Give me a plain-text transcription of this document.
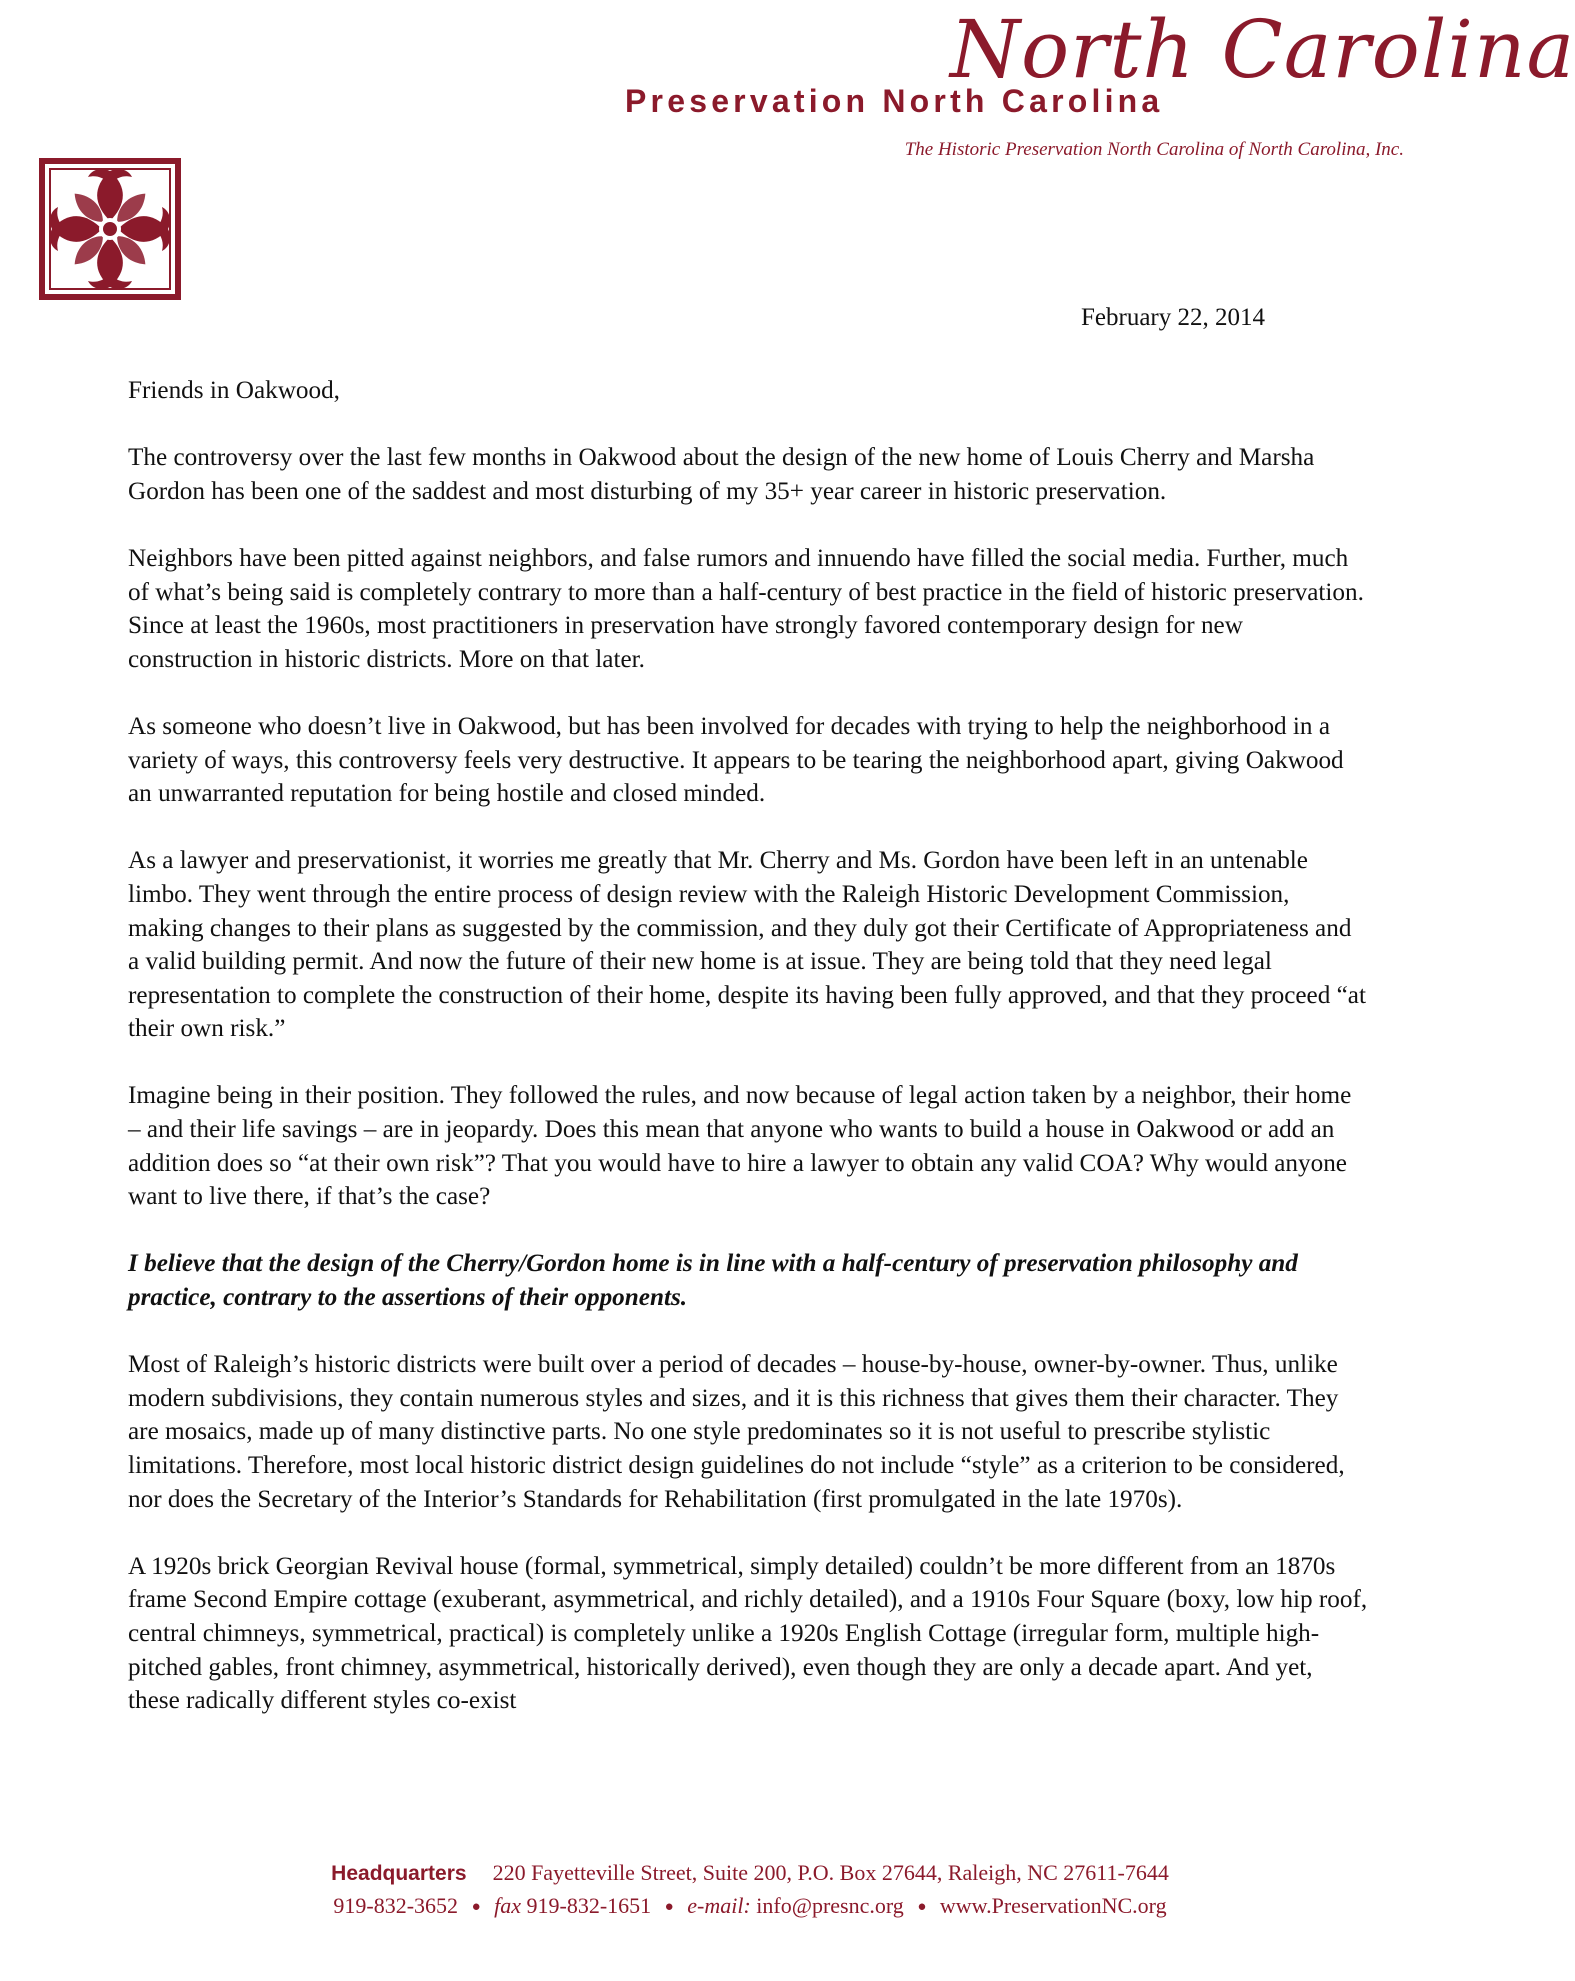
North Carolina
Preservation North Carolina
The Historic Preservation North Carolina of North Carolina, Inc.
February 22, 2014

Friends in Oakwood,

The controversy over the last few months in Oakwood about the design of the new home of Louis Cherry and Marsha Gordon has been one of the saddest and most disturbing of my 35+ year career in historic preservation.

Neighbors have been pitted against neighbors, and false rumors and innuendo have filled the social media. Further, much of what’s being said is completely contrary to more than a half-century of best practice in the field of historic preservation. Since at least the 1960s, most practitioners in preservation have strongly favored contemporary design for new construction in historic districts. More on that later.

As someone who doesn’t live in Oakwood, but has been involved for decades with trying to help the neighborhood in a variety of ways, this controversy feels very destructive. It appears to be tearing the neighborhood apart, giving Oakwood an unwarranted reputation for being hostile and closed minded.

As a lawyer and preservationist, it worries me greatly that Mr. Cherry and Ms. Gordon have been left in an untenable limbo. They went through the entire process of design review with the Raleigh Historic Development Commission, making changes to their plans as suggested by the commission, and they duly got their Certificate of Appropriateness and a valid building permit. And now the future of their new home is at issue. They are being told that they need legal representation to complete the construction of their home, despite its having been fully approved, and that they proceed “at their own risk.”

Imagine being in their position. They followed the rules, and now because of legal action taken by a neighbor, their home – and their life savings – are in jeopardy. Does this mean that anyone who wants to build a house in Oakwood or add an addition does so “at their own risk”? That you would have to hire a lawyer to obtain any valid COA? Why would anyone want to live there, if that’s the case?

I believe that the design of the Cherry/Gordon home is in line with a half-century of preservation philosophy and practice, contrary to the assertions of their opponents.

Most of Raleigh’s historic districts were built over a period of decades – house-by-house, owner-by-owner. Thus, unlike modern subdivisions, they contain numerous styles and sizes, and it is this richness that gives them their character. They are mosaics, made up of many distinctive parts. No one style predominates so it is not useful to prescribe stylistic limitations. Therefore, most local historic district design guidelines do not include “style” as a criterion to be considered, nor does the Secretary of the Interior’s Standards for Rehabilitation (first promulgated in the late 1970s).

A 1920s brick Georgian Revival house (formal, symmetrical, simply detailed) couldn’t be more different from an 1870s frame Second Empire cottage (exuberant, asymmetrical, and richly detailed), and a 1910s Four Square (boxy, low hip roof, central chimneys, symmetrical, practical) is completely unlike a 1920s English Cottage (irregular form, multiple high-pitched gables, front chimney, asymmetrical, historically derived), even though they are only a decade apart. And yet, these radically different styles co-exist

Headquarters 220 Fayetteville Street, Suite 200, P.O. Box 27644, Raleigh, NC 27611-7644
919-832-3652 ● fax 919-832-1651 ● e-mail: info@presnc.org ● www.PreservationNC.org
